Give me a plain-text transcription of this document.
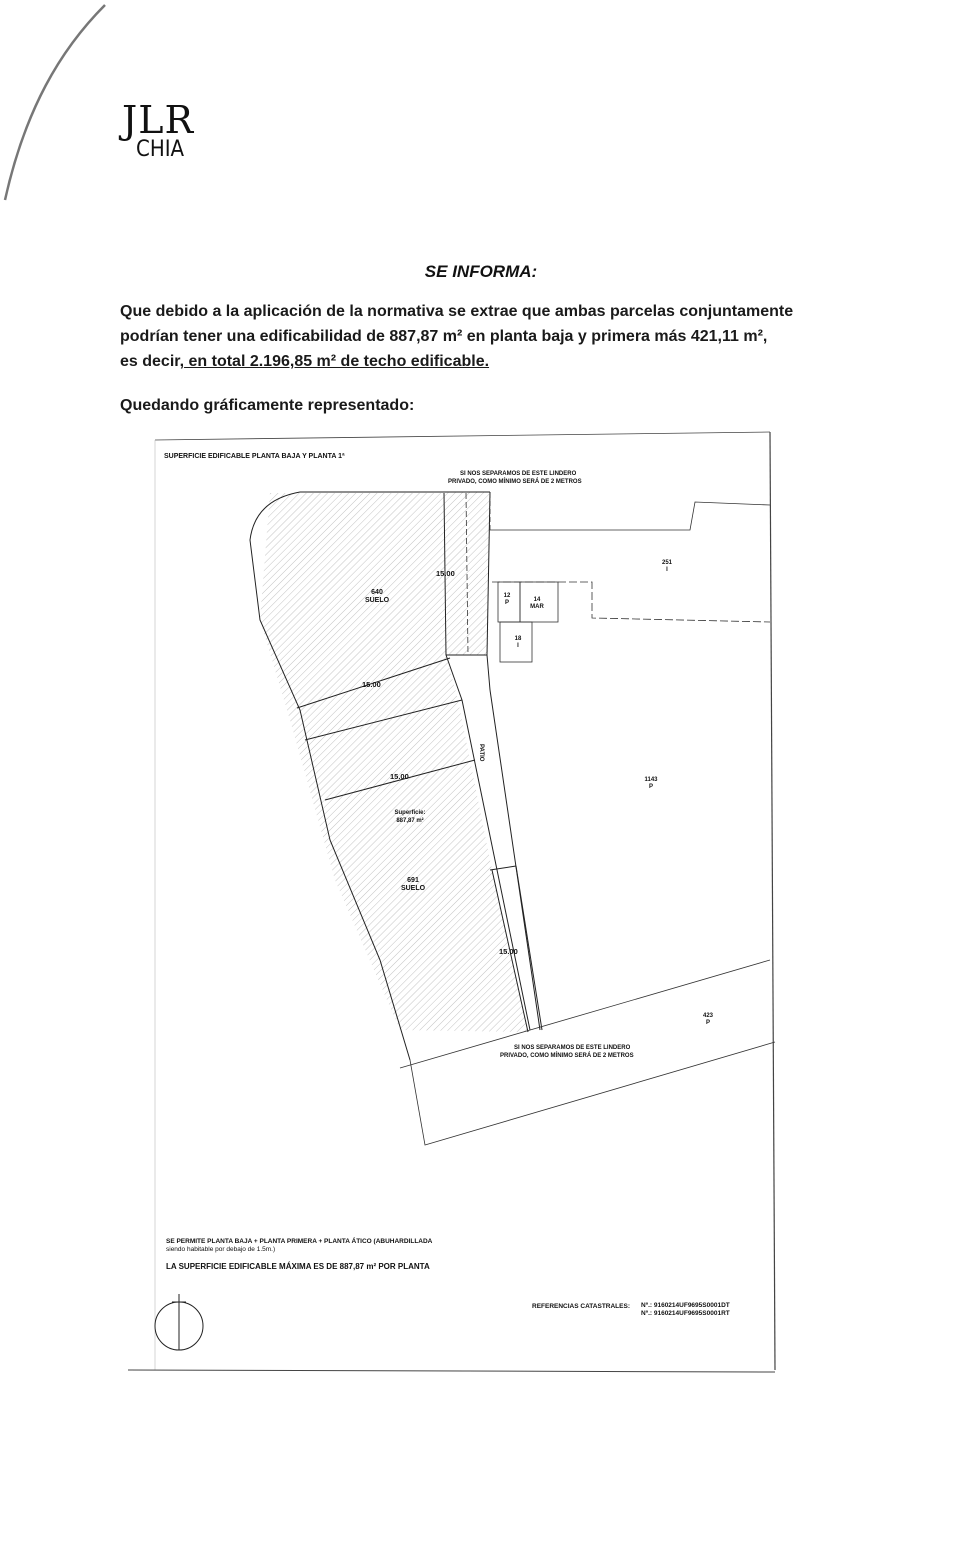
JLR
CHIA
SE INFORMA:
Que debido a la aplicación de la normativa se extrae que ambas parcelas conjuntamente
podrían tener una edificabilidad de 887,87 m² en planta baja y primera más 421,11 m²,
es decir, en total 2.196,85 m² de techo edificable.
Quedando gráficamente representado:
640
SUELO
691
SUELO
12
P	14
MAR
18
I
251
I
1143
P
423
P
15.00
15.00
15.00
15.00
PATIO
Superficie:
887,87 m²
SUPERFICIE EDIFICABLE PLANTA BAJA Y PLANTA 1ª
SI NOS SEPARAMOS DE ESTE LINDERO
PRIVADO, COMO MÍNIMO SERÁ DE 2 METROS
SI NOS SEPARAMOS DE ESTE LINDERO
PRIVADO, COMO MÍNIMO SERÁ DE 2 METROS
SE PERMITE PLANTA BAJA + PLANTA PRIMERA + PLANTA ÁTICO (ABUHARDILLADA
siendo habitable por debajo de 1.5m.)
LA SUPERFICIE EDIFICABLE MÁXIMA ES DE 887,87 m² POR PLANTA
REFERENCIAS CATASTRALES: Nº.: 9160214UF9695S0001DT
Nº.: 9160214UF9695S0001RT
